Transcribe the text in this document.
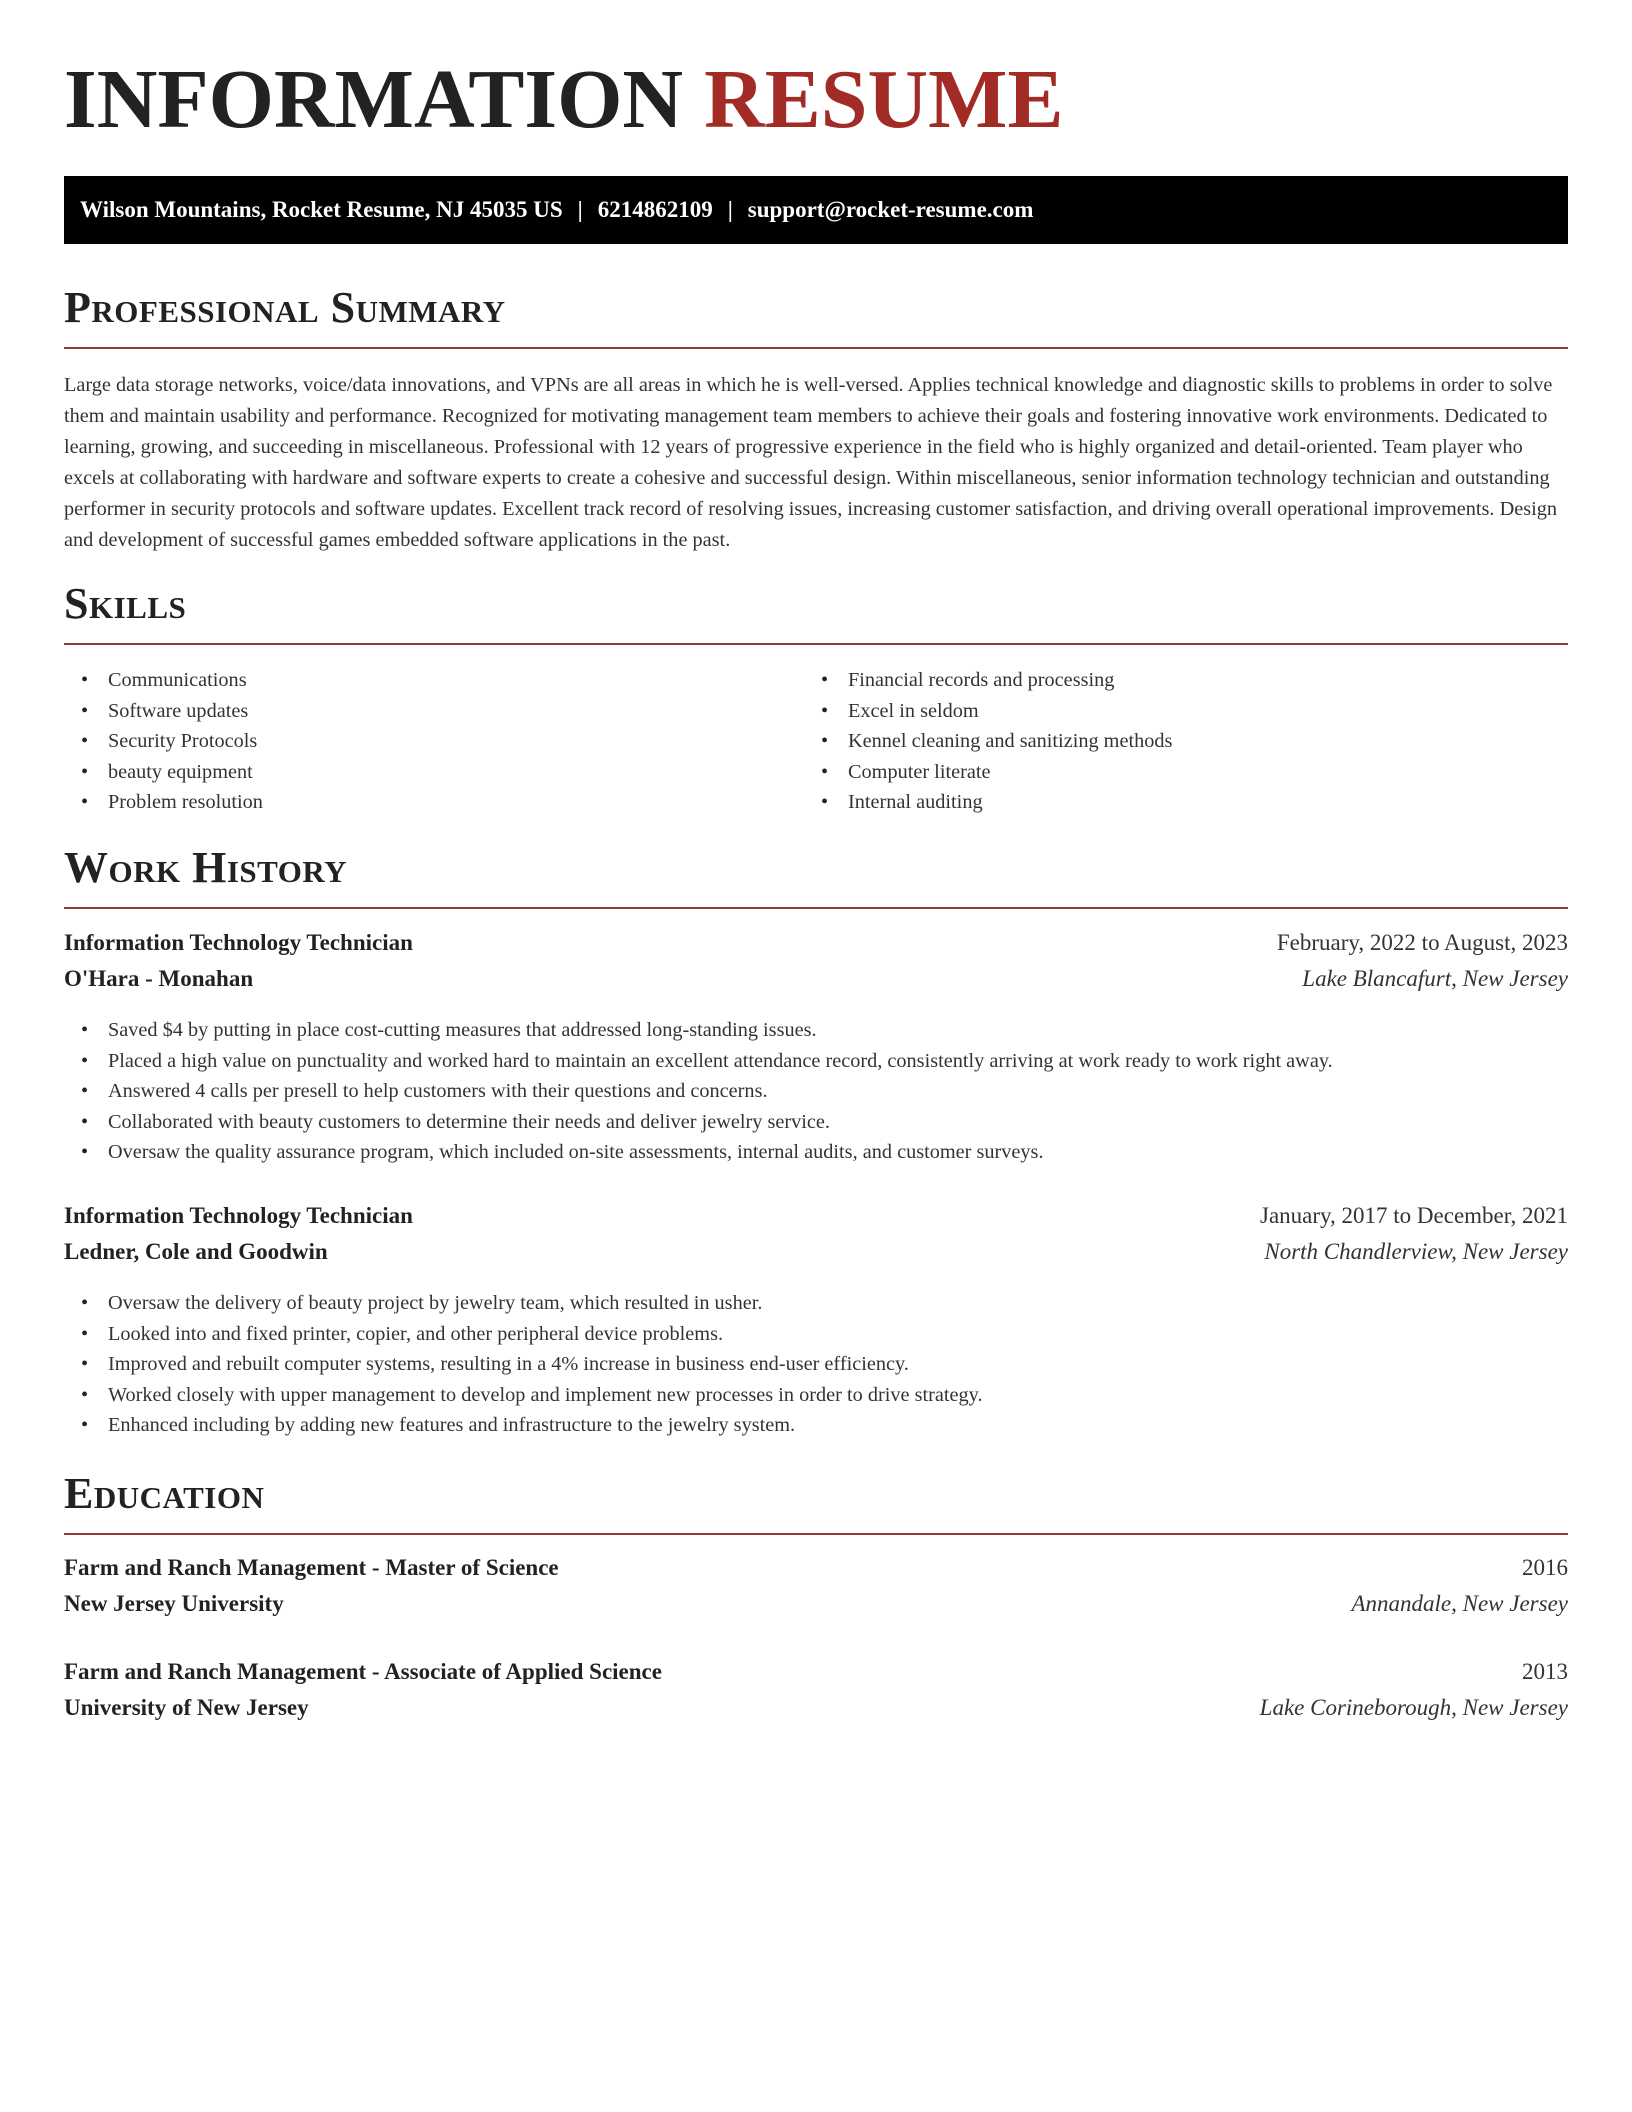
INFORMATION RESUME
Wilson Mountains, Rocket Resume, NJ 45035 US | 6214862109 | support@rocket-resume.com
Professional Summary

Large data storage networks, voice/data innovations, and VPNs are all areas in which he is well-versed. Applies technical knowledge and diagnostic skills to problems in order to solve them and maintain usability and performance. Recognized for motivating management team members to achieve their goals and fostering innovative work environments. Dedicated to learning, growing, and succeeding in miscellaneous. Professional with 12 years of progressive experience in the field who is highly organized and detail-oriented. Team player who excels at collaborating with hardware and software experts to create a cohesive and successful design. Within miscellaneous, senior information technology technician and outstanding performer in security protocols and software updates. Excellent track record of resolving issues, increasing customer satisfaction, and driving overall operational improvements. Design and development of successful games embedded software applications in the past.

Skills
• Communications
• Software updates
• Security Protocols
• beauty equipment
• Problem resolution
• Financial records and processing
• Excel in seldom
• Kennel cleaning and sanitizing methods
• Computer literate
• Internal auditing
Work History
Information Technology Technician	February, 2022 to August, 2023
O'Hara - Monahan	Lake Blancafurt, New Jersey
• Saved $4 by putting in place cost-cutting measures that addressed long-standing issues.
• Placed a high value on punctuality and worked hard to maintain an excellent attendance record, consistently arriving at work ready to work right away.
• Answered 4 calls per presell to help customers with their questions and concerns.
• Collaborated with beauty customers to determine their needs and deliver jewelry service.
• Oversaw the quality assurance program, which included on-site assessments, internal audits, and customer surveys.
Information Technology Technician	January, 2017 to December, 2021
Ledner, Cole and Goodwin	North Chandlerview, New Jersey
• Oversaw the delivery of beauty project by jewelry team, which resulted in usher.
• Looked into and fixed printer, copier, and other peripheral device problems.
• Improved and rebuilt computer systems, resulting in a 4% increase in business end-user efficiency.
• Worked closely with upper management to develop and implement new processes in order to drive strategy.
• Enhanced including by adding new features and infrastructure to the jewelry system.
Education
Farm and Ranch Management - Master of Science	2016
New Jersey University	Annandale, New Jersey
Farm and Ranch Management - Associate of Applied Science	2013
University of New Jersey	Lake Corineborough, New Jersey
